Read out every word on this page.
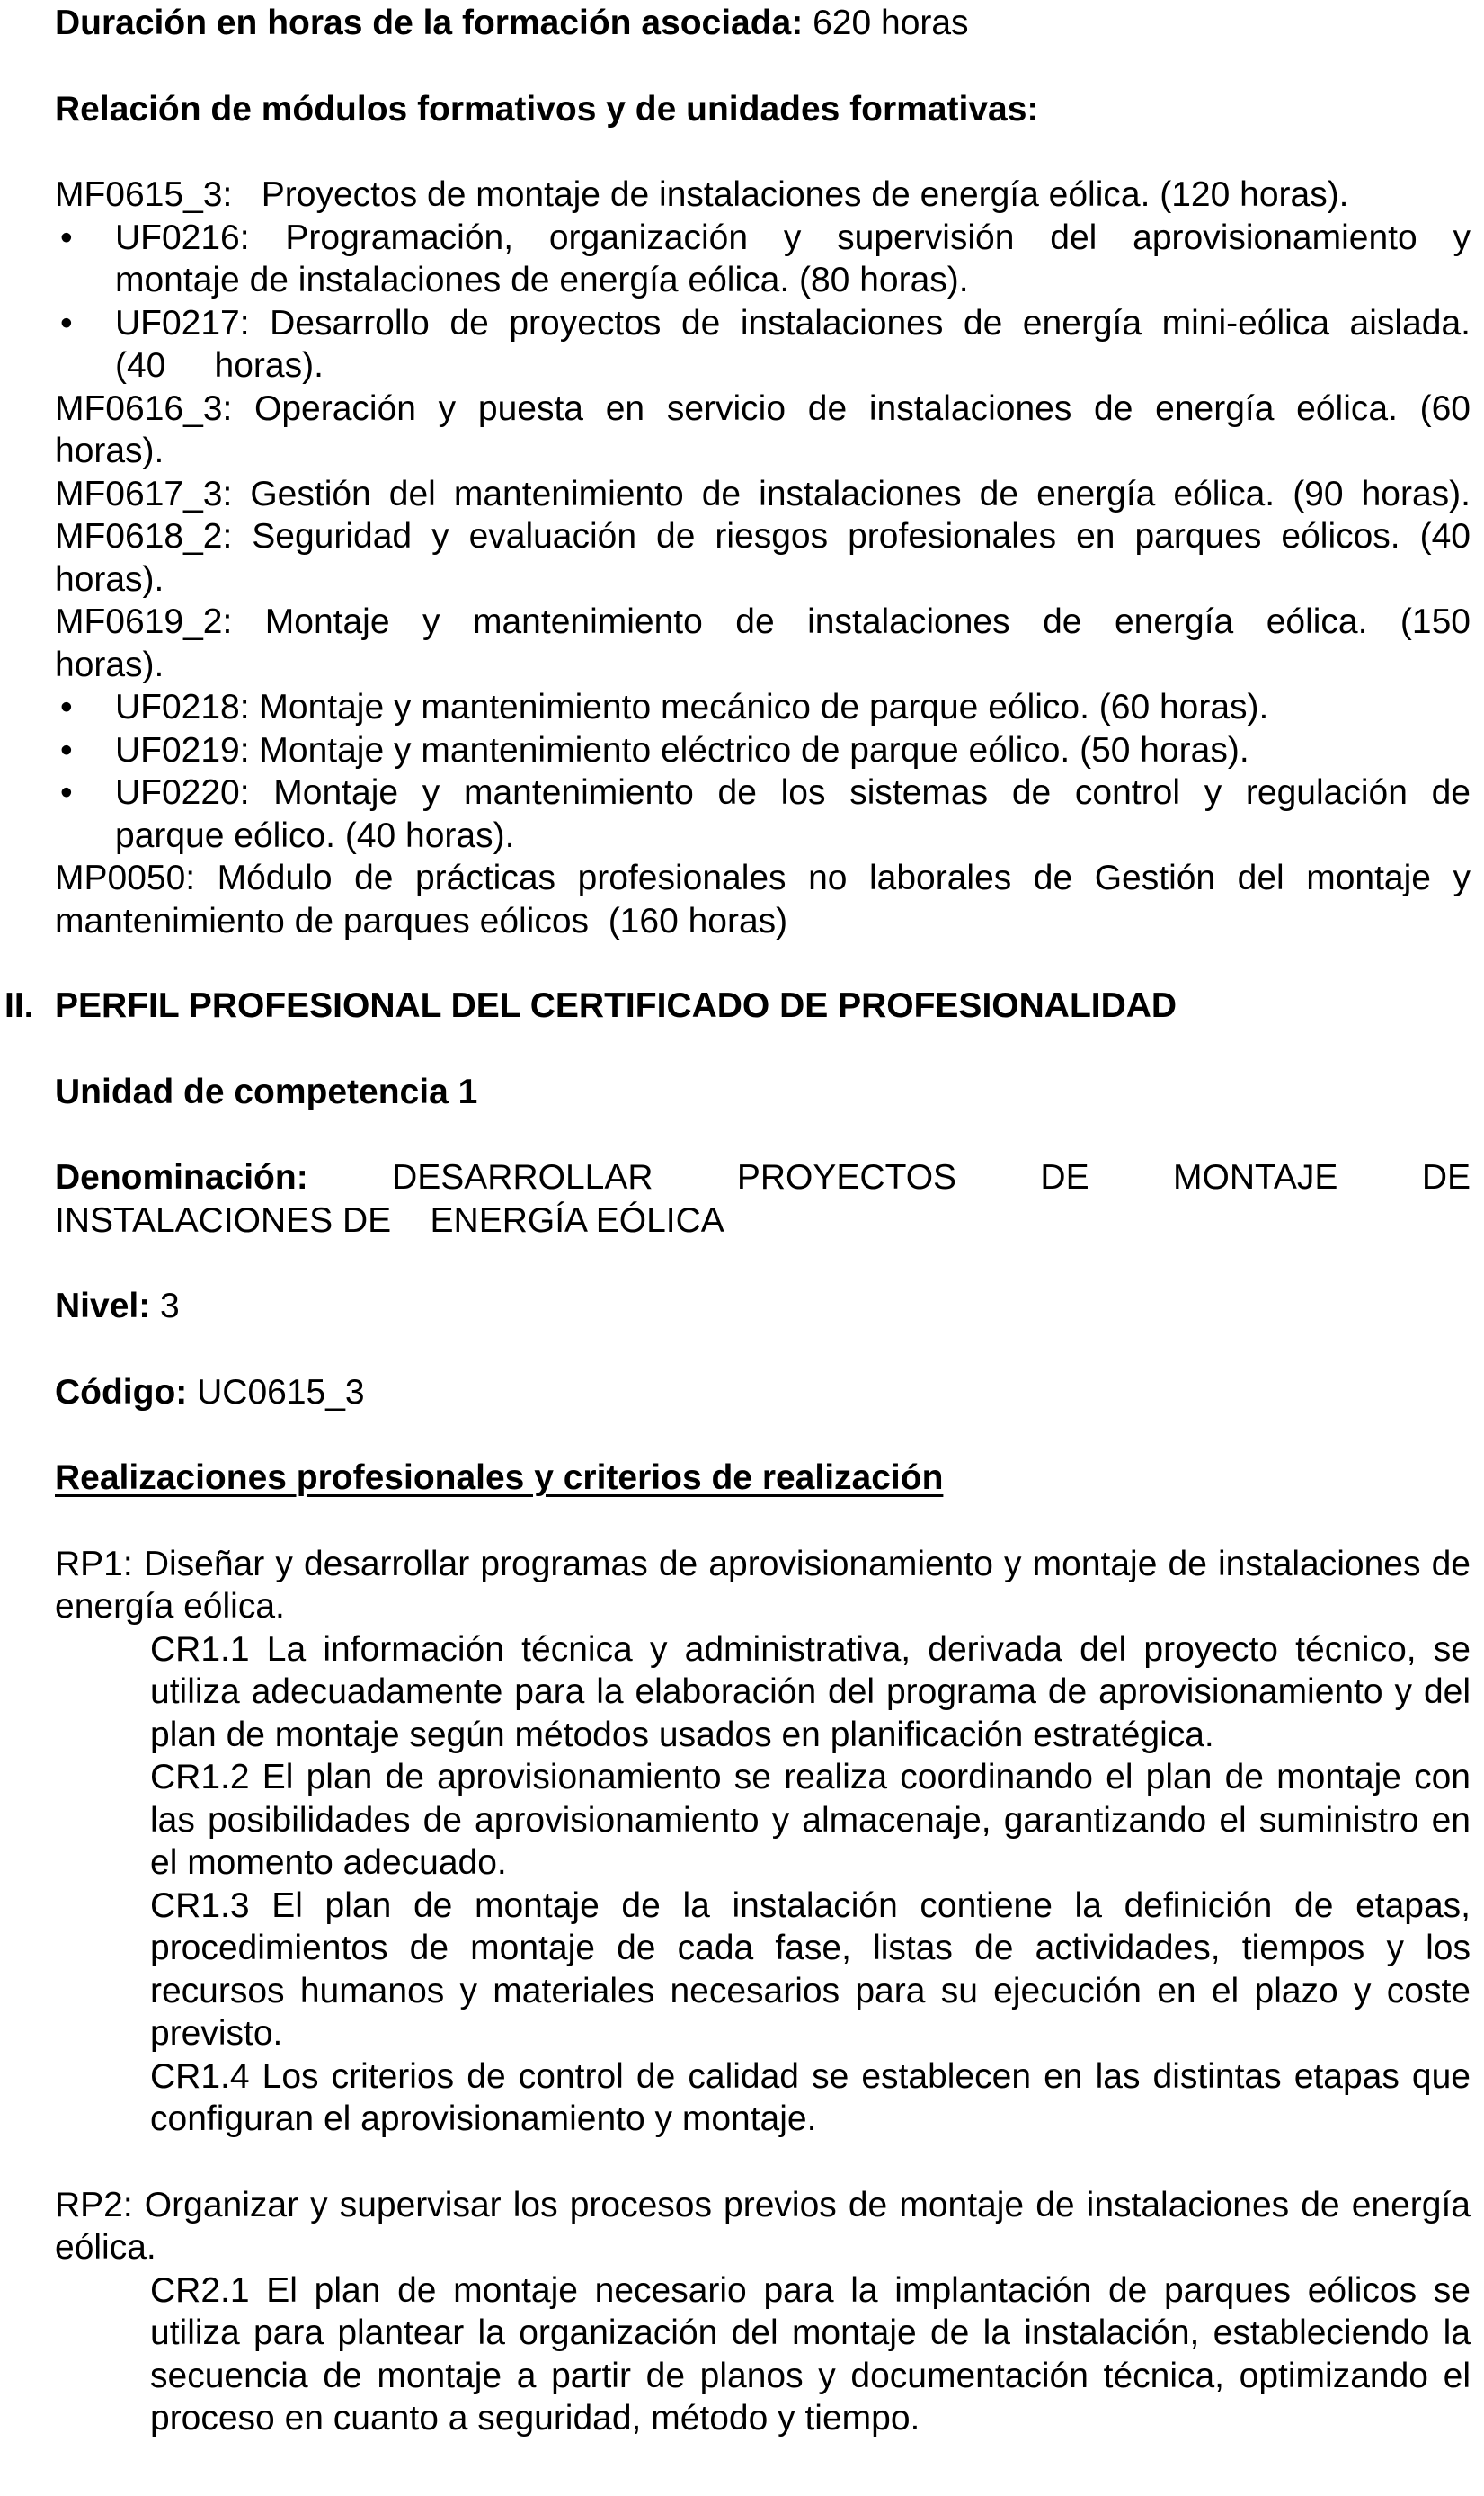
Duración en horas de la formación asociada: 620 horas

Relación de módulos formativos y de unidades formativas:

MF0615_3:   Proyectos de montaje de instalaciones de energía eólica. (120 horas).
• UF0216: Programación, organización y supervisión del aprovisionamiento y
montaje de instalaciones de energía eólica. (80 horas).
• UF0217: Desarrollo de proyectos de instalaciones de energía mini-eólica aislada.
(40     horas).
MF0616_3: Operación y puesta en servicio de instalaciones de energía eólica. (60
horas).
MF0617_3: Gestión del mantenimiento de instalaciones de energía eólica. (90 horas).
MF0618_2: Seguridad y evaluación de riesgos profesionales en parques eólicos. (40
horas).
MF0619_2: Montaje y mantenimiento de instalaciones de energía eólica. (150
horas).
• UF0218: Montaje y mantenimiento mecánico de parque eólico. (60 horas).
• UF0219: Montaje y mantenimiento eléctrico de parque eólico. (50 horas).
• UF0220: Montaje y mantenimiento de los sistemas de control y regulación de
parque eólico. (40 horas).
MP0050: Módulo de prácticas profesionales no laborales de Gestión del montaje y
mantenimiento de parques eólicos  (160 horas)
II. PERFIL PROFESIONAL DEL CERTIFICADO DE PROFESIONALIDAD

Unidad de competencia 1

Denominación: DESARROLLAR PROYECTOS DE MONTAJE DE
INSTALACIONES DE    ENERGÍA EÓLICA

Nivel: 3

Código: UC0615_3

Realizaciones profesionales y criterios de realización

RP1: Diseñar y desarrollar programas de aprovisionamiento y montaje de instalaciones de energía eólica.

CR1.1 La información técnica y administrativa, derivada del proyecto técnico, se utiliza adecuadamente para la elaboración del programa de aprovisionamiento y del plan de montaje según métodos usados en planificación estratégica.

CR1.2 El plan de aprovisionamiento se realiza coordinando el plan de montaje con las posibilidades de aprovisionamiento y almacenaje, garantizando el suministro en el momento adecuado.

CR1.3 El plan de montaje de la instalación contiene la definición de etapas, procedimientos de montaje de cada fase, listas de actividades, tiempos y los recursos humanos y materiales necesarios para su ejecución en el plazo y coste previsto.

CR1.4 Los criterios de control de calidad se establecen en las distintas etapas que configuran el aprovisionamiento y montaje.

RP2: Organizar y supervisar los procesos previos de montaje de instalaciones de energía eólica.

CR2.1 El plan de montaje necesario para la implantación de parques eólicos se utiliza para plantear la organización del montaje de la instalación, estableciendo la secuencia de montaje a partir de planos y documentación técnica, optimizando el proceso en cuanto a seguridad, método y tiempo.
